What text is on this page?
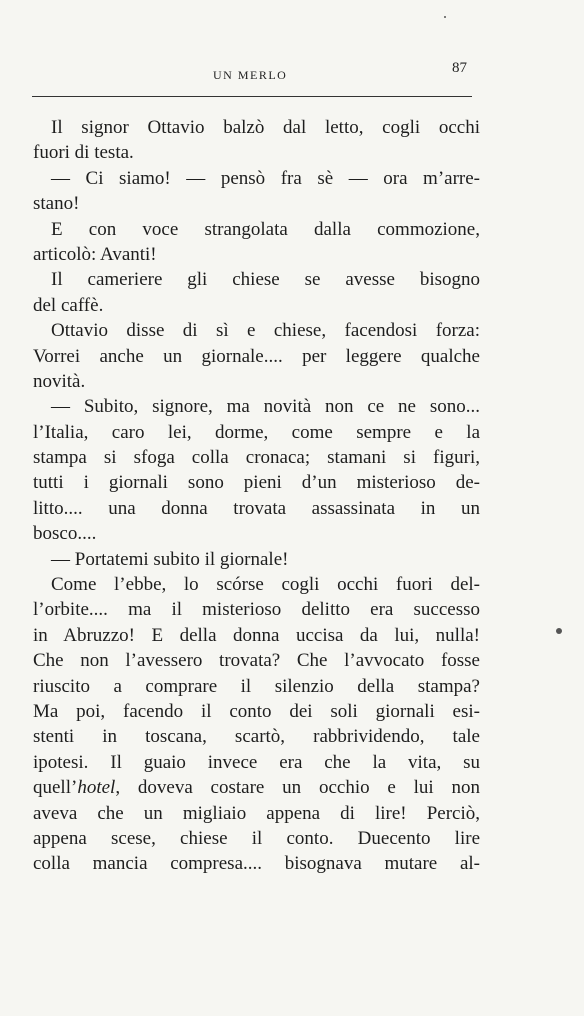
UN MERLO	87
Il signor Ottavio balzò dal letto, cogli occhi
fuori di testa.
— Ci siamo! — pensò fra sè — ora m’arre-
stano!
E con voce strangolata dalla commozione,
articolò: Avanti!
Il cameriere gli chiese se avesse bisogno
del caffè.
Ottavio disse di sì e chiese, facendosi forza:
Vorrei anche un giornale.... per leggere qualche
novità.
— Subito, signore, ma novità non ce ne sono...
l’Italia, caro lei, dorme, come sempre e la
stampa si sfoga colla cronaca; stamani si figuri,
tutti i giornali sono pieni d’un misterioso de-
litto.... una donna trovata assassinata in un
bosco....
— Portatemi subito il giornale!
Come l’ebbe, lo scórse cogli occhi fuori del-
l’orbite.... ma il misterioso delitto era successo
in Abruzzo! E della donna uccisa da lui, nulla!
Che non l’avessero trovata? Che l’avvocato fosse
riuscito a comprare il silenzio della stampa?
Ma poi, facendo il conto dei soli giornali esi-
stenti in toscana, scartò, rabbrividendo, tale
ipotesi. Il guaio invece era che la vita, su
quell’hotel, doveva costare un occhio e lui non
aveva che un migliaio appena di lire! Perciò,
appena scese, chiese il conto. Duecento lire
colla mancia compresa.... bisognava mutare al-
